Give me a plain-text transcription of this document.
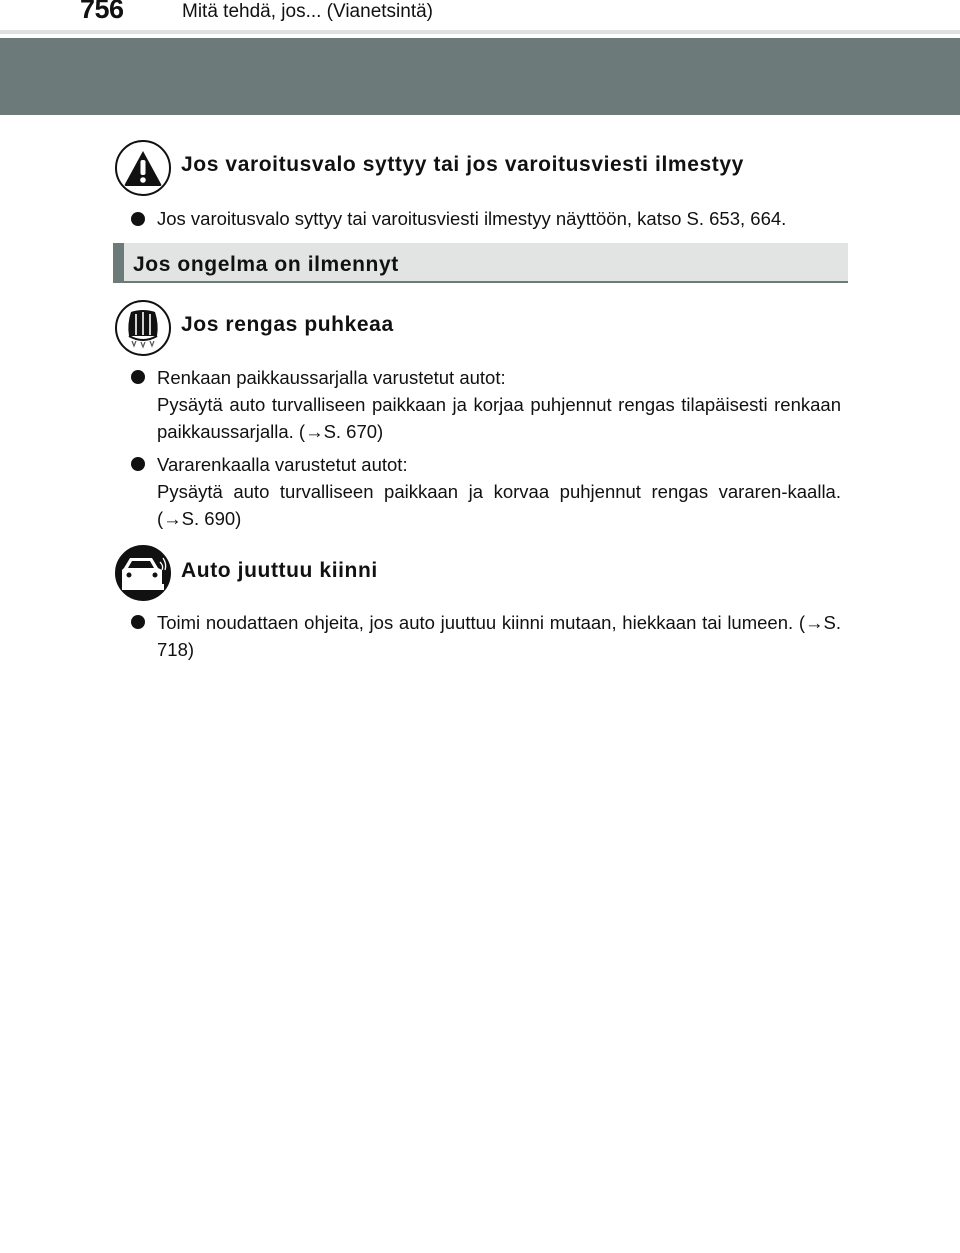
756	Mitä tehdä, jos... (Vianetsintä)
Jos varoitusvalo syttyy tai jos varoitusviesti ilmestyy

Jos varoitusvalo syttyy tai varoitusviesti ilmestyy näyttöön, katso S. 653, 664.

Jos ongelma on ilmennyt
Jos rengas puhkeaa

Renkaan paikkaussarjalla varustetut autot:

Pysäytä auto turvalliseen paikkaan ja korjaa puhjennut rengas tilapäisesti renkaan paikkaussarjalla. (→S. 670)

Vararenkaalla varustetut autot:

Pysäytä auto turvalliseen paikkaan ja korvaa puhjennut rengas vararen-kaalla. (→S. 690)

Auto juuttuu kiinni

Toimi noudattaen ohjeita, jos auto juuttuu kiinni mutaan, hiekkaan tai lumeen. (→S. 718)
